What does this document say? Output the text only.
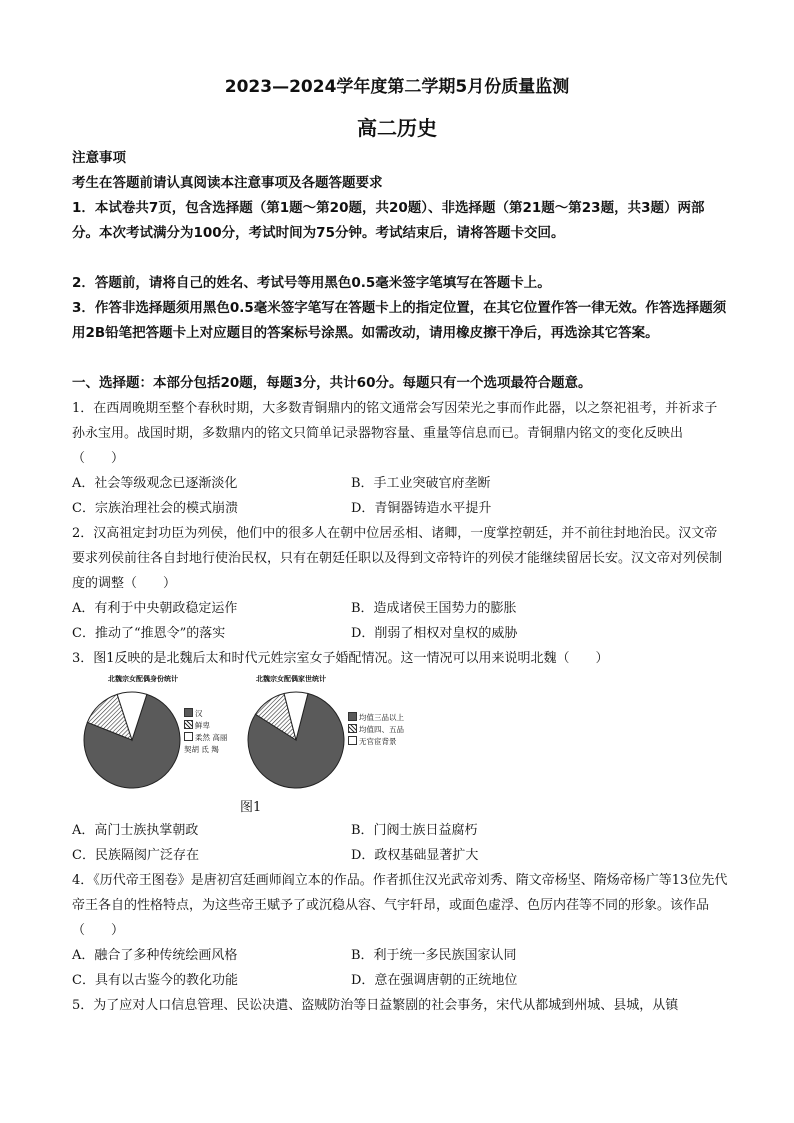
2023—2024学年度第二学期5月份质量监测
高二历史
注意事项
考生在答题前请认真阅读本注意事项及各题答题要求
1．本试卷共7页，包含选择题（第1题～第20题，共20题）、非选择题（第21题～第23题，共3题）两部分。本次考试满分为100分，考试时间为75分钟。考试结束后，请将答题卡交回。
2．答题前，请将自己的姓名、考试号等用黑色0.5毫米签字笔填写在答题卡上。
3．作答非选择题须用黑色0.5毫米签字笔写在答题卡上的指定位置，在其它位置作答一律无效。作答选择题须用2B铅笔把答题卡上对应题目的答案标号涂黑。如需改动，请用橡皮擦干净后，再选涂其它答案。
一、选择题：本部分包括20题，每题3分，共计60分。每题只有一个选项最符合题意。
1．在西周晚期至整个春秋时期，大多数青铜鼎内的铭文通常会写因荣光之事而作此器，以之祭祀祖考，并祈求子孙永宝用。战国时期，多数鼎内的铭文只简单记录器物容量、重量等信息而已。青铜鼎内铭文的变化反映出（　　）
A．社会等级观念已逐渐淡化	B．手工业突破官府垄断
C．宗族治理社会的模式崩溃	D．青铜器铸造水平提升
2．汉高祖定封功臣为列侯，他们中的很多人在朝中位居丞相、诸卿，一度掌控朝廷，并不前往封地治民。汉文帝要求列侯前往各自封地行使治民权，只有在朝廷任职以及得到文帝特许的列侯才能继续留居长安。汉文帝对列侯制度的调整（　　）
A．有利于中央朝政稳定运作	B．造成诸侯王国势力的膨胀
C．推动了“推恩令”的落实	D．削弱了相权对皇权的威胁
3．图1反映的是北魏后太和时代元姓宗室女子婚配情况。这一情况可以用来说明北魏（　　）
北魏宗女配偶身份统计
汉
鲜卑
柔然 高丽 契胡 氐 羯
北魏宗女配偶家世统计
均值三品以上
均值四、五品
无官宦背景
图1
A．高门士族执掌朝政	B．门阀士族日益腐朽
C．民族隔阂广泛存在	D．政权基础显著扩大
4．《历代帝王图卷》是唐初宫廷画师阎立本的作品。作者抓住汉光武帝刘秀、隋文帝杨坚、隋炀帝杨广等13位先代帝王各自的性格特点，为这些帝王赋予了或沉稳从容、气宇轩昂，或面色虚浮、色厉内荏等不同的形象。该作品（　　）
A．融合了多种传统绘画风格	B．利于统一多民族国家认同
C．具有以古鉴今的教化功能	D．意在强调唐朝的正统地位
5．为了应对人口信息管理、民讼决遣、盗贼防治等日益繁剧的社会事务，宋代从都城到州城、县城，从镇
